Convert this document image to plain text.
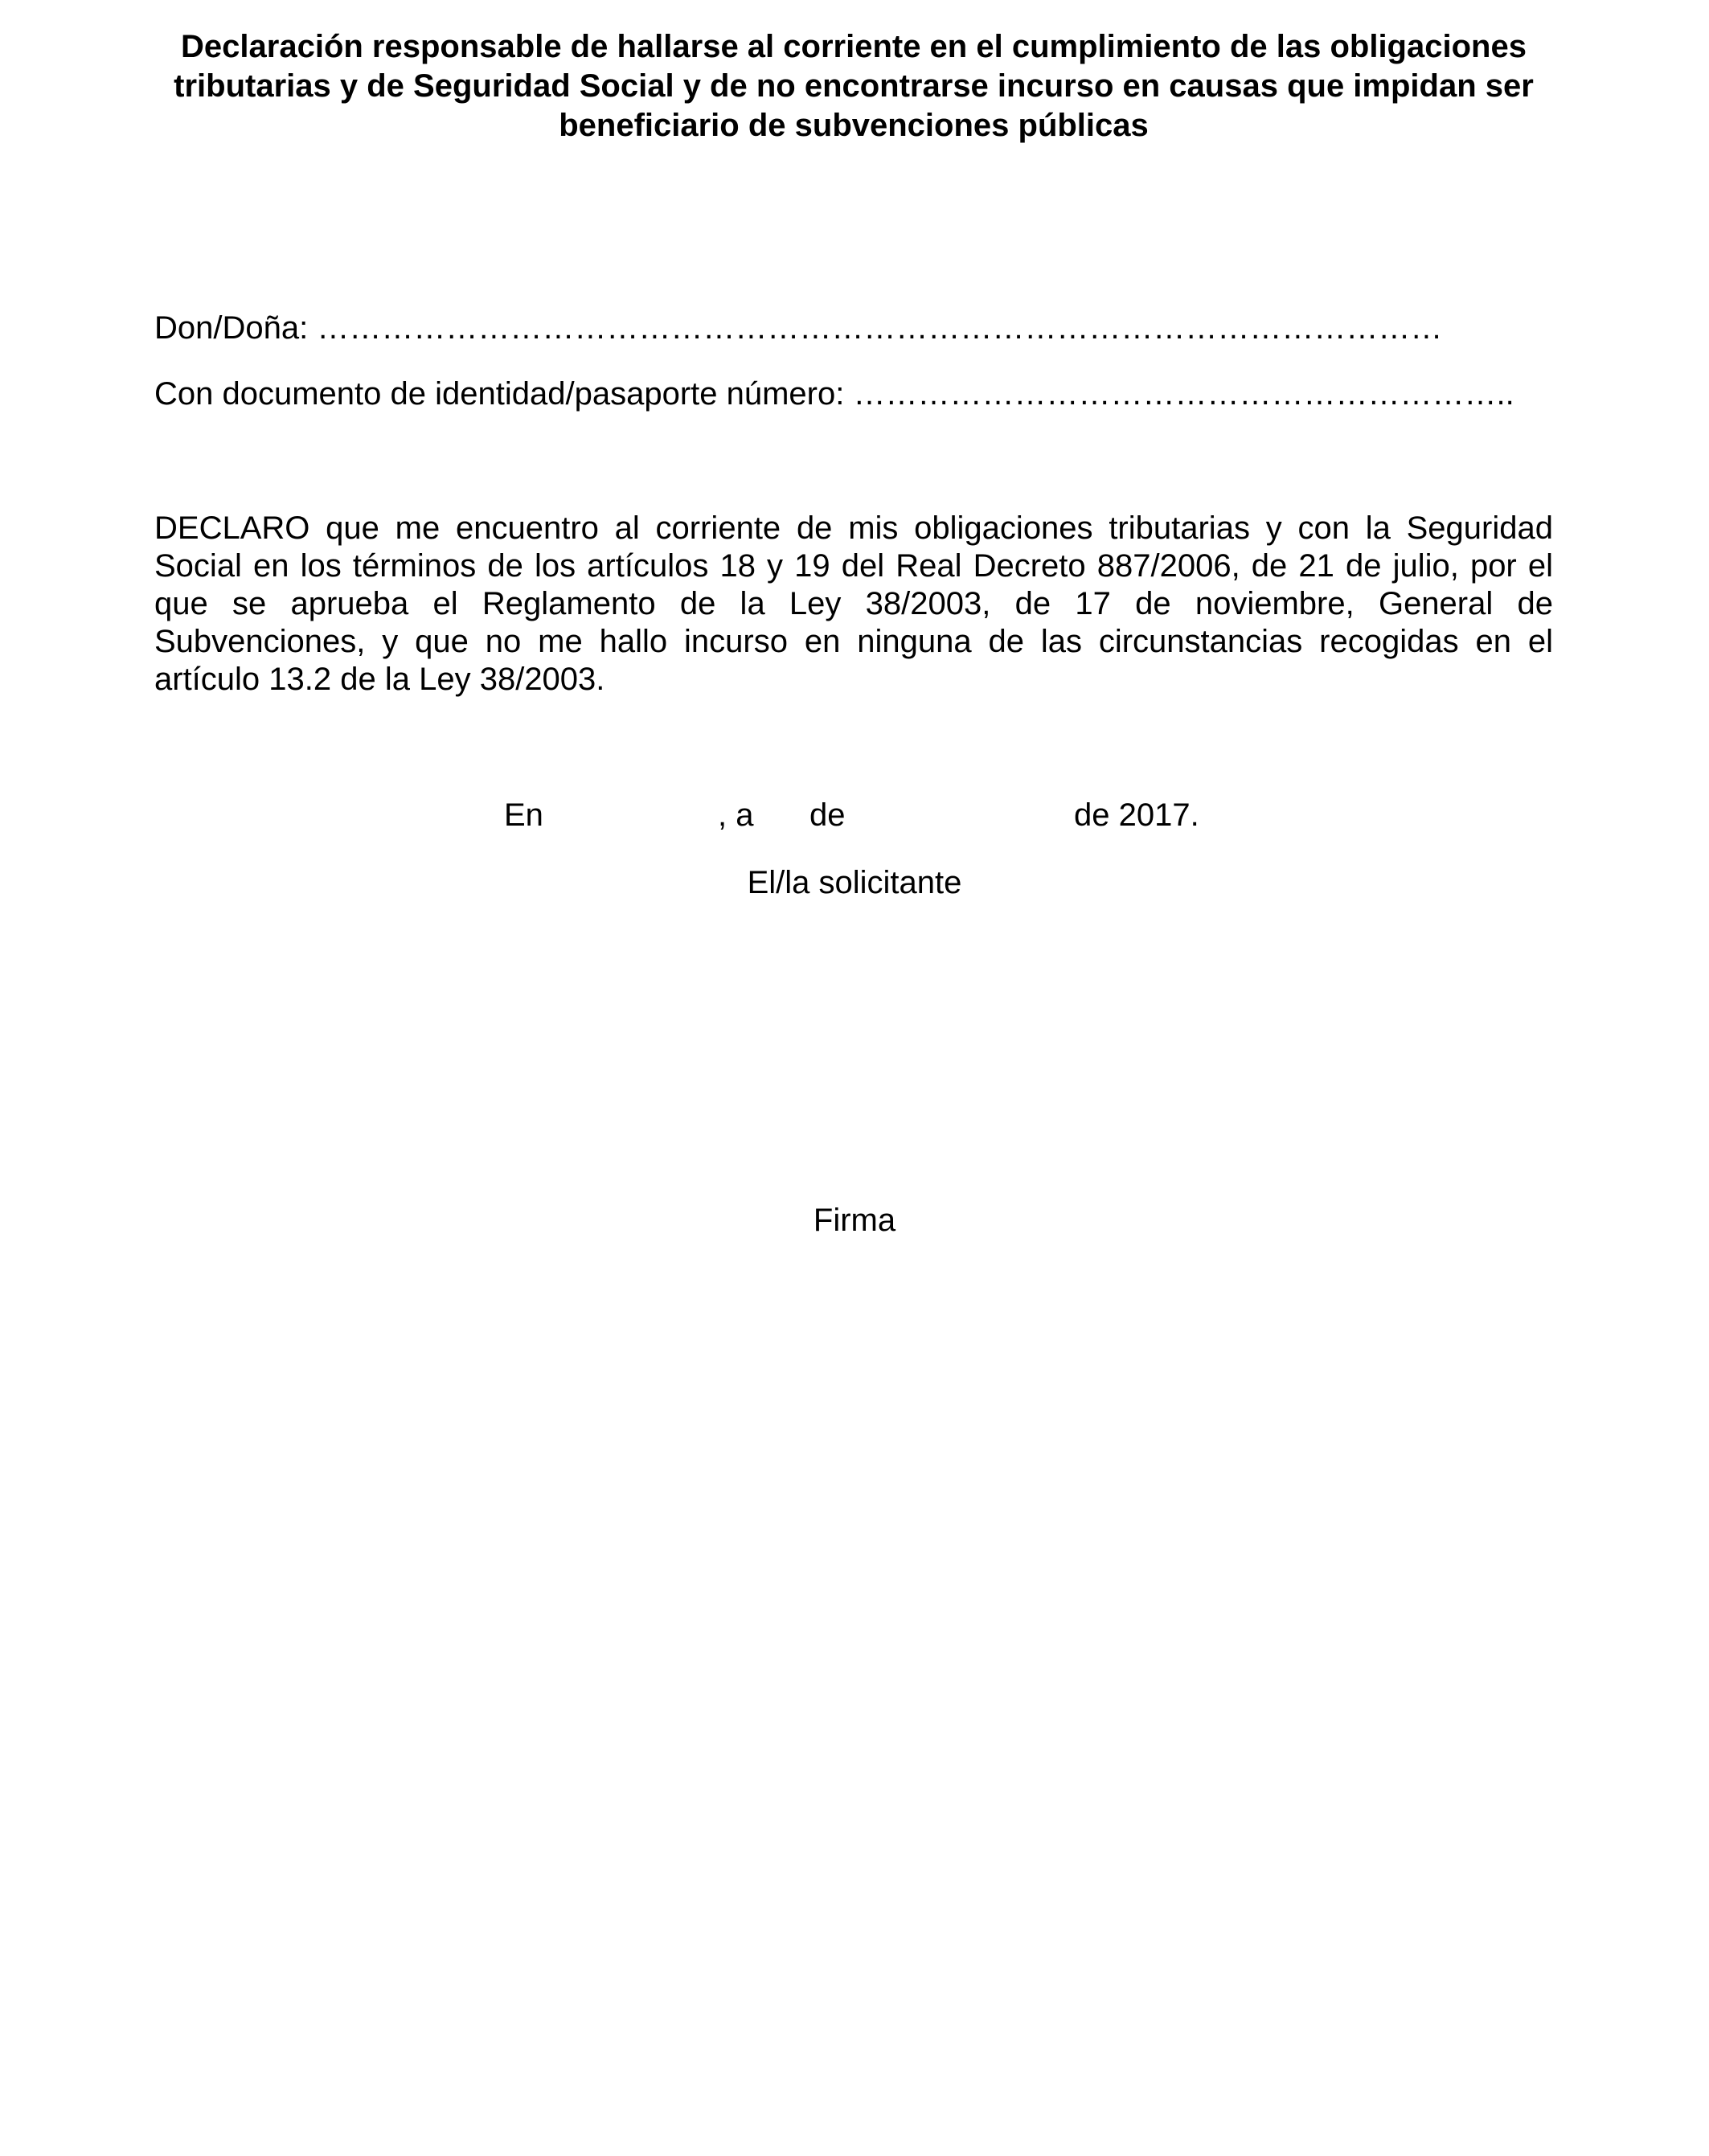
Declaración responsable de hallarse al corriente en el cumplimiento de las obligaciones tributarias y de Seguridad Social y de no encontrarse incurso en causas que impidan ser beneficiario de subvenciones públicas

Don/Doña: ……………………………………………………………………………………………

Con documento de identidad/pasaporte número: ……………………………………………………..

DECLARO que me encuentro al corriente de mis obligaciones tributarias y con la Seguridad Social en los términos de los artículos 18 y 19 del Real Decreto 887/2006, de 21 de julio, por el que se aprueba el Reglamento de la Ley 38/2003, de 17 de noviembre, General de Subvenciones, y que no me hallo incurso en ninguna de las circunstancias recogidas en el artículo 13.2 de la Ley 38/2003.

En	, a de	de 2017.

El/la solicitante

Firma
